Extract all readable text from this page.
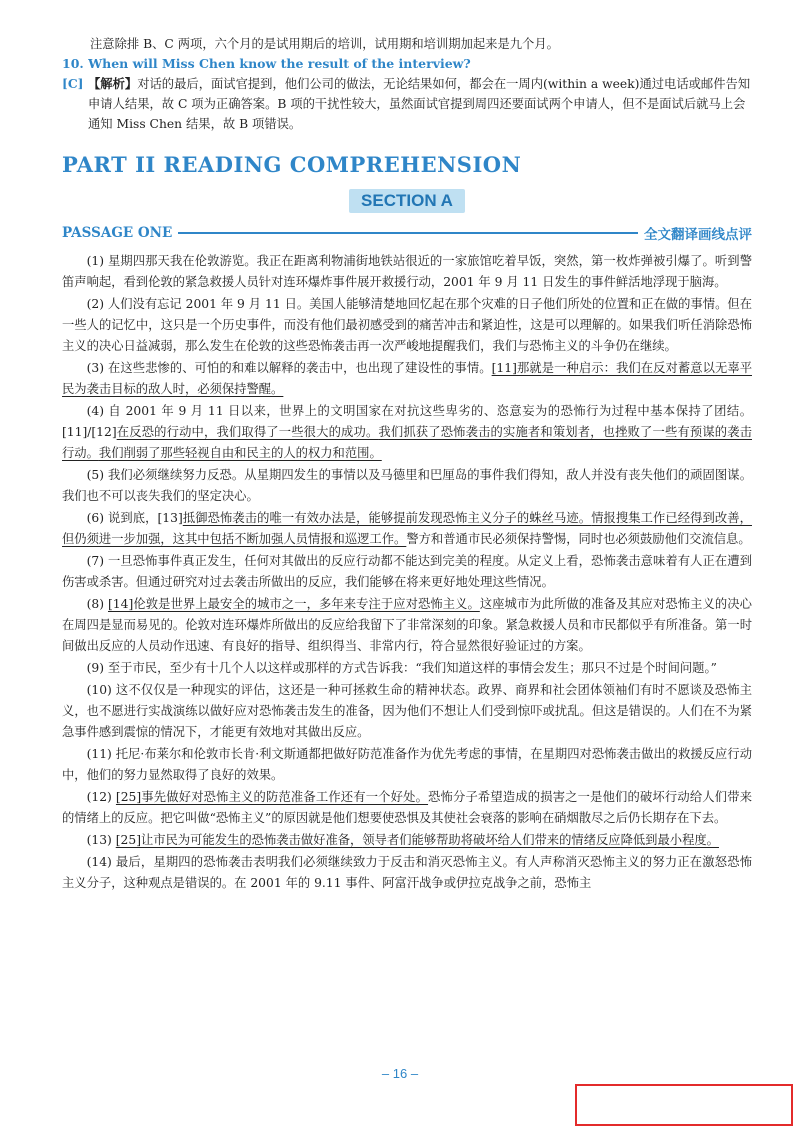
注意除排 B、C 两项，六个月的是试用期后的培训，试用期和培训期加起来是九个月。
10. When will Miss Chen know the result of the interview?
[C] 【解析】对话的最后，面试官提到，他们公司的做法，无论结果如何，都会在一周内(within a week)通过电话或邮件告知申请人结果，故 C 项为正确答案。B 项的干扰性较大，虽然面试官提到周四还要面试两个申请人，但不是面试后就马上会通知 Miss Chen 结果，故 B 项错误。
PART II READING COMPREHENSION
SECTION A
PASSAGE ONE	全文翻译画线点评

(1) 星期四那天我在伦敦游览。我正在距离利物浦街地铁站很近的一家旅馆吃着早饭，突然，第一枚炸弹被引爆了。听到警笛声响起，看到伦敦的紧急救援人员针对连环爆炸事件展开救援行动，2001 年 9 月 11 日发生的事件鲜活地浮现于脑海。

(2) 人们没有忘记 2001 年 9 月 11 日。美国人能够清楚地回忆起在那个灾难的日子他们所处的位置和正在做的事情。但在一些人的记忆中，这只是一个历史事件，而没有他们最初感受到的痛苦冲击和紧迫性，这是可以理解的。如果我们听任消除恐怖主义的决心日益减弱，那么发生在伦敦的这些恐怖袭击再一次严峻地提醒我们，我们与恐怖主义的斗争仍在继续。

(3) 在这些悲惨的、可怕的和难以解释的袭击中，也出现了建设性的事情。[11]那就是一种启示：我们在反对蓄意以无辜平民为袭击目标的敌人时，必须保持警醒。

(4) 自 2001 年 9 月 11 日以来，世界上的文明国家在对抗这些卑劣的、恣意妄为的恐怖行为过程中基本保持了团结。[11]/[12]在反恐的行动中，我们取得了一些很大的成功。我们抓获了恐怖袭击的实施者和策划者，也挫败了一些有预谋的袭击行动。我们削弱了那些轻视自由和民主的人的权力和范围。

(5) 我们必须继续努力反恐。从星期四发生的事情以及马德里和巴厘岛的事件我们得知，敌人并没有丧失他们的顽固图谋。我们也不可以丧失我们的坚定决心。

(6) 说到底，[13]抵御恐怖袭击的唯一有效办法是，能够提前发现恐怖主义分子的蛛丝马迹。情报搜集工作已经得到改善，但仍须进一步加强，这其中包括不断加强人员情报和巡逻工作。警方和普通市民必须保持警惕，同时也必须鼓励他们交流信息。

(7) 一旦恐怖事件真正发生，任何对其做出的反应行动都不能达到完美的程度。从定义上看，恐怖袭击意味着有人正在遭到伤害或杀害。但通过研究对过去袭击所做出的反应，我们能够在将来更好地处理这些情况。

(8) [14]伦敦是世界上最安全的城市之一，多年来专注于应对恐怖主义。这座城市为此所做的准备及其应对恐怖主义的决心在周四是显而易见的。伦敦对连环爆炸所做出的反应给我留下了非常深刻的印象。紧急救援人员和市民都似乎有所准备。第一时间做出反应的人员动作迅速、有良好的指导、组织得当、非常内行，符合显然很好验证过的方案。

(9) 至于市民，至少有十几个人以这样或那样的方式告诉我：“我们知道这样的事情会发生；那只不过是个时间问题。”

(10) 这不仅仅是一种现实的评估，这还是一种可拯救生命的精神状态。政界、商界和社会团体领袖们有时不愿谈及恐怖主义，也不愿进行实战演练以做好应对恐怖袭击发生的准备，因为他们不想让人们受到惊吓或扰乱。但这是错误的。人们在不为紧急事件感到震惊的情况下，才能更有效地对其做出反应。

(11) 托尼·布莱尔和伦敦市长肯·利文斯通都把做好防范准备作为优先考虑的事情，在星期四对恐怖袭击做出的救援反应行动中，他们的努力显然取得了良好的效果。

(12) [25]事先做好对恐怖主义的防范准备工作还有一个好处。恐怖分子希望造成的损害之一是他们的破坏行动给人们带来的情绪上的反应。把它叫做“恐怖主义”的原因就是他们想要使恐惧及其使社会衰落的影响在硝烟散尽之后仍长期存在下去。

(13) [25]让市民为可能发生的恐怖袭击做好准备，领导者们能够帮助将破坏给人们带来的情绪反应降低到最小程度。

(14) 最后，星期四的恐怖袭击表明我们必须继续致力于反击和消灭恐怖主义。有人声称消灭恐怖主义的努力正在激怒恐怖主义分子，这种观点是错误的。在 2001 年的 9.11 事件、阿富汗战争或伊拉克战争之前，恐怖主

– 16 –
